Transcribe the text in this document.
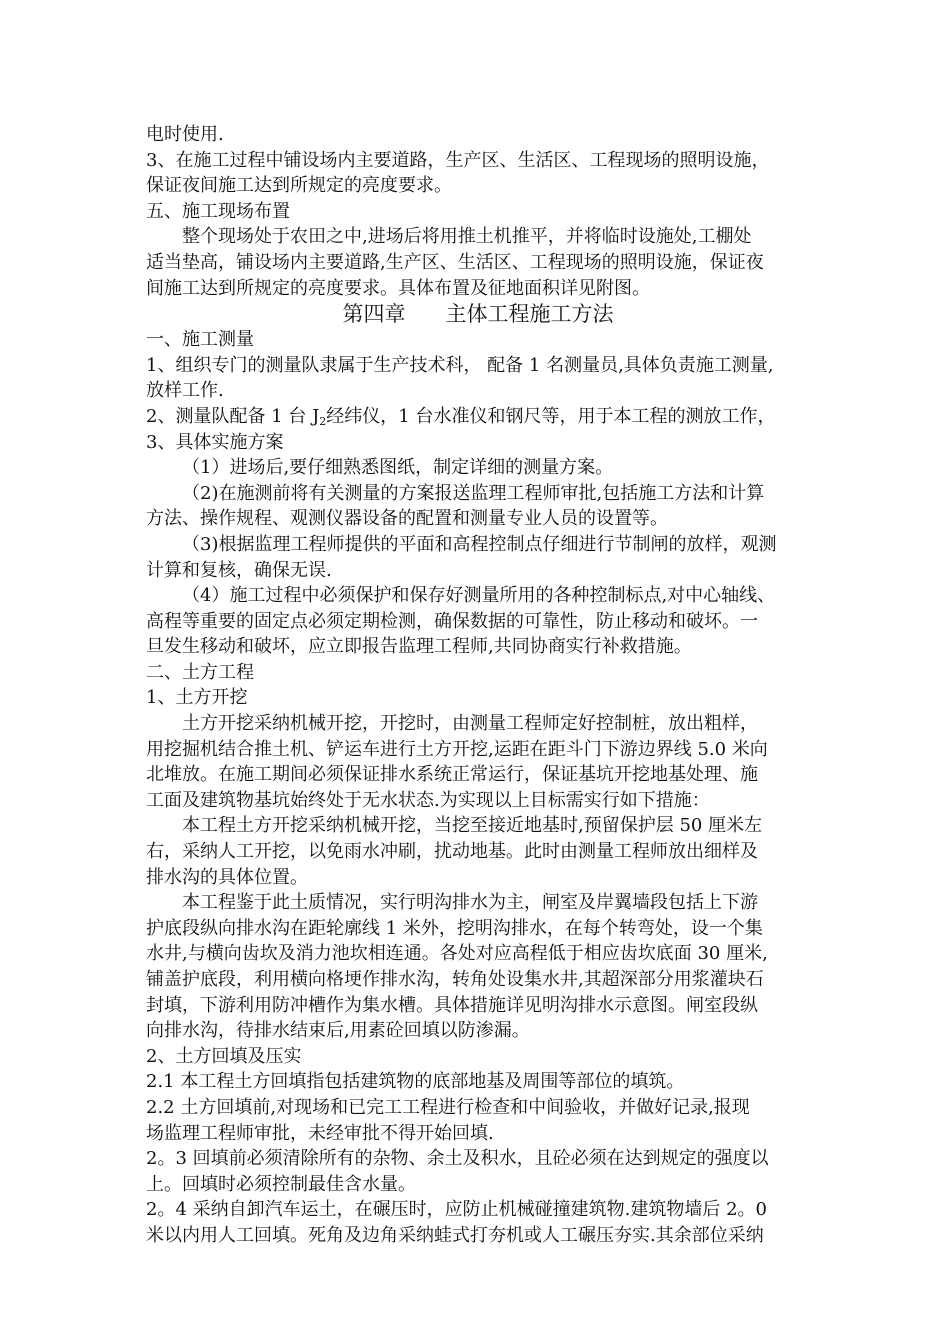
电时使用.
3、在施工过程中铺设场内主要道路，生产区、生活区、工程现场的照明设施，
保证夜间施工达到所规定的亮度要求。
五、施工现场布置
整个现场处于农田之中,进场后将用推土机推平，并将临时设施处,工棚处
适当垫高，铺设场内主要道路,生产区、生活区、工程现场的照明设施，保证夜
间施工达到所规定的亮度要求。具体布置及征地面积详见附图。
第四章      主体工程施工方法
一、施工测量
1、组织专门的测量队隶属于生产技术科， 配备 1 名测量员,具体负责施工测量,
放样工作.
2、测量队配备 1 台 $J_2$经纬仪，1 台水准仪和钢尺等，用于本工程的测放工作，
3、具体实施方案
（1）进场后,要仔细熟悉图纸，制定详细的测量方案。
（2)在施测前将有关测量的方案报送监理工程师审批,包括施工方法和计算
方法、操作规程、观测仪器设备的配置和测量专业人员的设置等。
（3)根据监理工程师提供的平面和高程控制点仔细进行节制闸的放样，观测
计算和复核，确保无误.
（4）施工过程中必须保护和保存好测量所用的各种控制标点,对中心轴线、
高程等重要的固定点必须定期检测，确保数据的可靠性，防止移动和破坏。一
旦发生移动和破坏，应立即报告监理工程师,共同协商实行补救措施。
二、土方工程
1、土方开挖
土方开挖采纳机械开挖，开挖时，由测量工程师定好控制桩，放出粗样，
用挖掘机结合推土机、铲运车进行土方开挖,运距在距斗门下游边界线 5.0 米向
北堆放。在施工期间必须保证排水系统正常运行，保证基坑开挖地基处理、施
工面及建筑物基坑始终处于无水状态.为实现以上目标需实行如下措施：
本工程土方开挖采纳机械开挖，当挖至接近地基时,预留保护层 50 厘米左
右，采纳人工开挖，以免雨水冲刷，扰动地基。此时由测量工程师放出细样及
排水沟的具体位置。
本工程鉴于此土质情况，实行明沟排水为主，闸室及岸翼墙段包括上下游
护底段纵向排水沟在距轮廓线 1 米外，挖明沟排水，在每个转弯处，设一个集
水井,与横向齿坎及消力池坎相连通。各处对应高程低于相应齿坎底面 30 厘米,
铺盖护底段，利用横向格埂作排水沟，转角处设集水井,其超深部分用浆灌块石
封填，下游利用防冲槽作为集水槽。具体措施详见明沟排水示意图。闸室段纵
向排水沟，待排水结束后,用素砼回填以防渗漏。
2、土方回填及压实
2.1 本工程土方回填指包括建筑物的底部地基及周围等部位的填筑。
2.2 土方回填前,对现场和已完工工程进行检查和中间验收，并做好记录,报现
场监理工程师审批，未经审批不得开始回填.
2。3 回填前必须清除所有的杂物、余土及积水，且砼必须在达到规定的强度以
上。回填时必须控制最佳含水量。
2。4 采纳自卸汽车运土，在碾压时，应防止机械碰撞建筑物.建筑物墙后 2。0
米以内用人工回填。死角及边角采纳蛙式打夯机或人工碾压夯实.其余部位采纳
